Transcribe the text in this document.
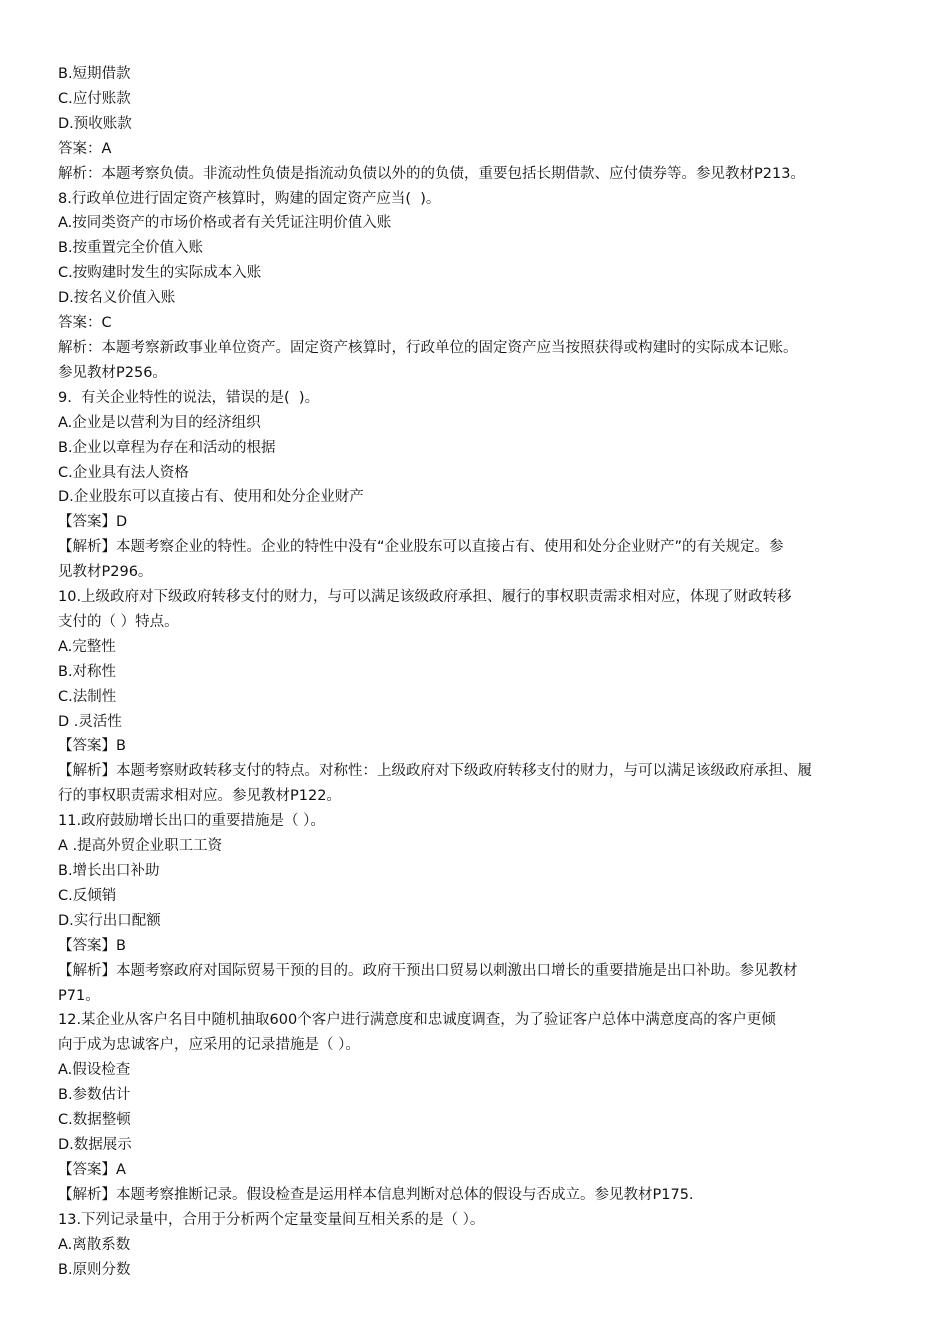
B.短期借款
C.应付账款
D.预收账款
答案：A
解析：本题考察负债。非流动性负债是指流动负债以外的的负债，重要包括长期借款、应付债券等。参见教材P213。
8.行政单位进行固定资产核算时，购建的固定资产应当(  )。
A.按同类资产的市场价格或者有关凭证注明价值入账
B.按重置完全价值入账
C.按购建时发生的实际成本入账
D.按名义价值入账
答案：C
解析：本题考察新政事业单位资产。固定资产核算时，行政单位的固定资产应当按照获得或构建时的实际成本记账。
参见教材P256。
9.  有关企业特性的说法，错误的是(  )。
A.企业是以营利为目的经济组织
B.企业以章程为存在和活动的根据
C.企业具有法人资格
D.企业股东可以直接占有、使用和处分企业财产
【答案】D
【解析】本题考察企业的特性。企业的特性中没有“企业股东可以直接占有、使用和处分企业财产”的有关规定。参
见教材P296。
10.上级政府对下级政府转移支付的财力，与可以满足该级政府承担、履行的事权职责需求相对应，体现了财政转移
支付的（ ）特点。
A.完整性
B.对称性
C.法制性
D .灵活性
【答案】B
【解析】本题考察财政转移支付的特点。对称性：上级政府对下级政府转移支付的财力，与可以满足该级政府承担、履
行的事权职责需求相对应。参见教材P122。
11.政府鼓励增长出口的重要措施是（ ）。
A .提高外贸企业职工工资
B.增长出口补助
C.反倾销
D.实行出口配额
【答案】B
【解析】本题考察政府对国际贸易干预的目的。政府干预出口贸易以刺激出口增长的重要措施是出口补助。参见教材
P71。
12.某企业从客户名目中随机抽取600个客户进行满意度和忠诚度调查，为了验证客户总体中满意度高的客户更倾
向于成为忠诚客户，应采用的记录措施是（ ）。
A.假设检查
B.参数估计
C.数据整顿
D.数据展示
【答案】A
【解析】本题考察推断记录。假设检查是运用样本信息判断对总体的假设与否成立。参见教材P175.
13.下列记录量中，合用于分析两个定量变量间互相关系的是（ ）。
A.离散系数
B.原则分数
